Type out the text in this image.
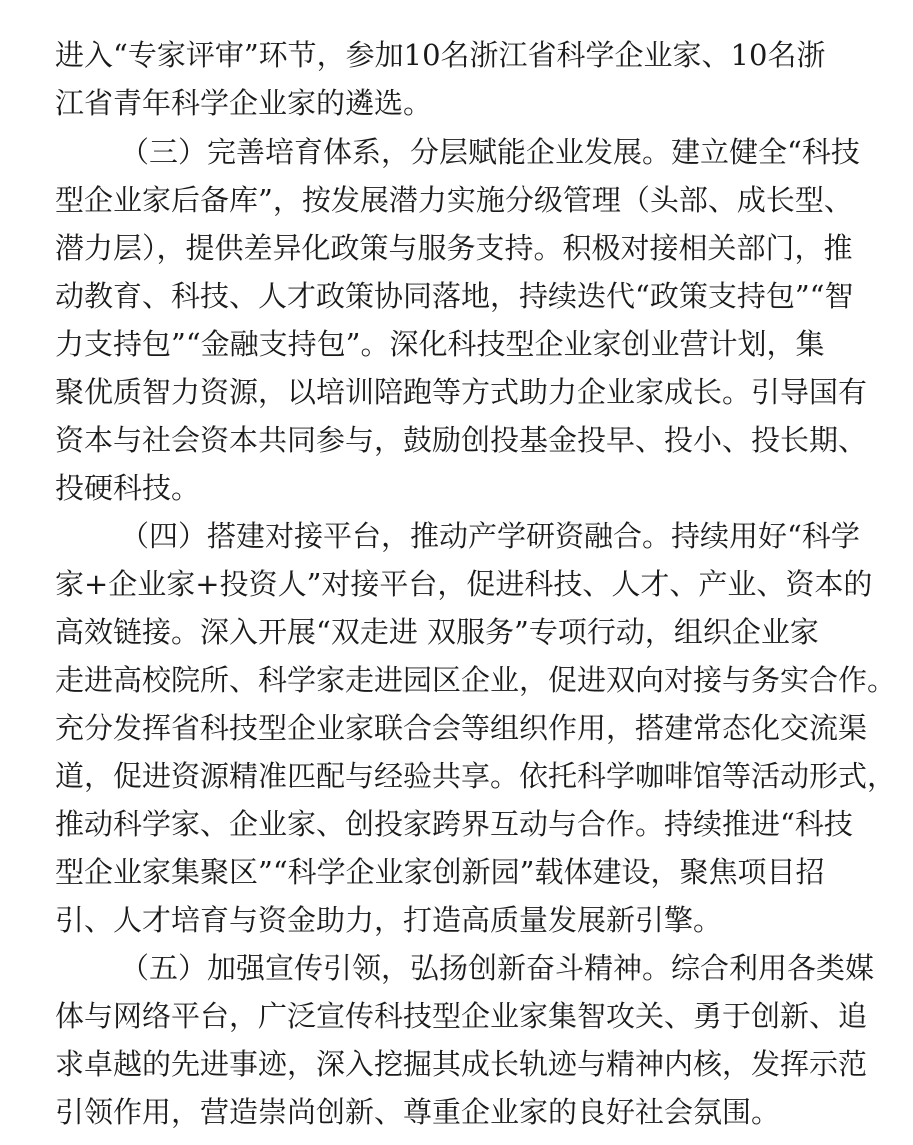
进入“专家评审”环节，参加10名浙江省科学企业家、10名浙

江省青年科学企业家的遴选。

（三）完善培育体系，分层赋能企业发展。建立健全“科技

型企业家后备库”，按发展潜力实施分级管理（头部、成长型、

潜力层），提供差异化政策与服务支持。积极对接相关部门，推

动教育、科技、人才政策协同落地，持续迭代“政策支持包”“智

力支持包”“金融支持包”。深化科技型企业家创业营计划，集

聚优质智力资源，以培训陪跑等方式助力企业家成长。引导国有

资本与社会资本共同参与，鼓励创投基金投早、投小、投长期、

投硬科技。

（四）搭建对接平台，推动产学研资融合。持续用好“科学

家+企业家+投资人”对接平台，促进科技、人才、产业、资本的

高效链接。深入开展“双走进 双服务”专项行动，组织企业家

走进高校院所、科学家走进园区企业，促进双向对接与务实合作。

充分发挥省科技型企业家联合会等组织作用，搭建常态化交流渠

道，促进资源精准匹配与经验共享。依托科学咖啡馆等活动形式，

推动科学家、企业家、创投家跨界互动与合作。持续推进“科技

型企业家集聚区”“科学企业家创新园”载体建设，聚焦项目招

引、人才培育与资金助力，打造高质量发展新引擎。

（五）加强宣传引领，弘扬创新奋斗精神。综合利用各类媒

体与网络平台，广泛宣传科技型企业家集智攻关、勇于创新、追

求卓越的先进事迹，深入挖掘其成长轨迹与精神内核，发挥示范

引领作用，营造崇尚创新、尊重企业家的良好社会氛围。
